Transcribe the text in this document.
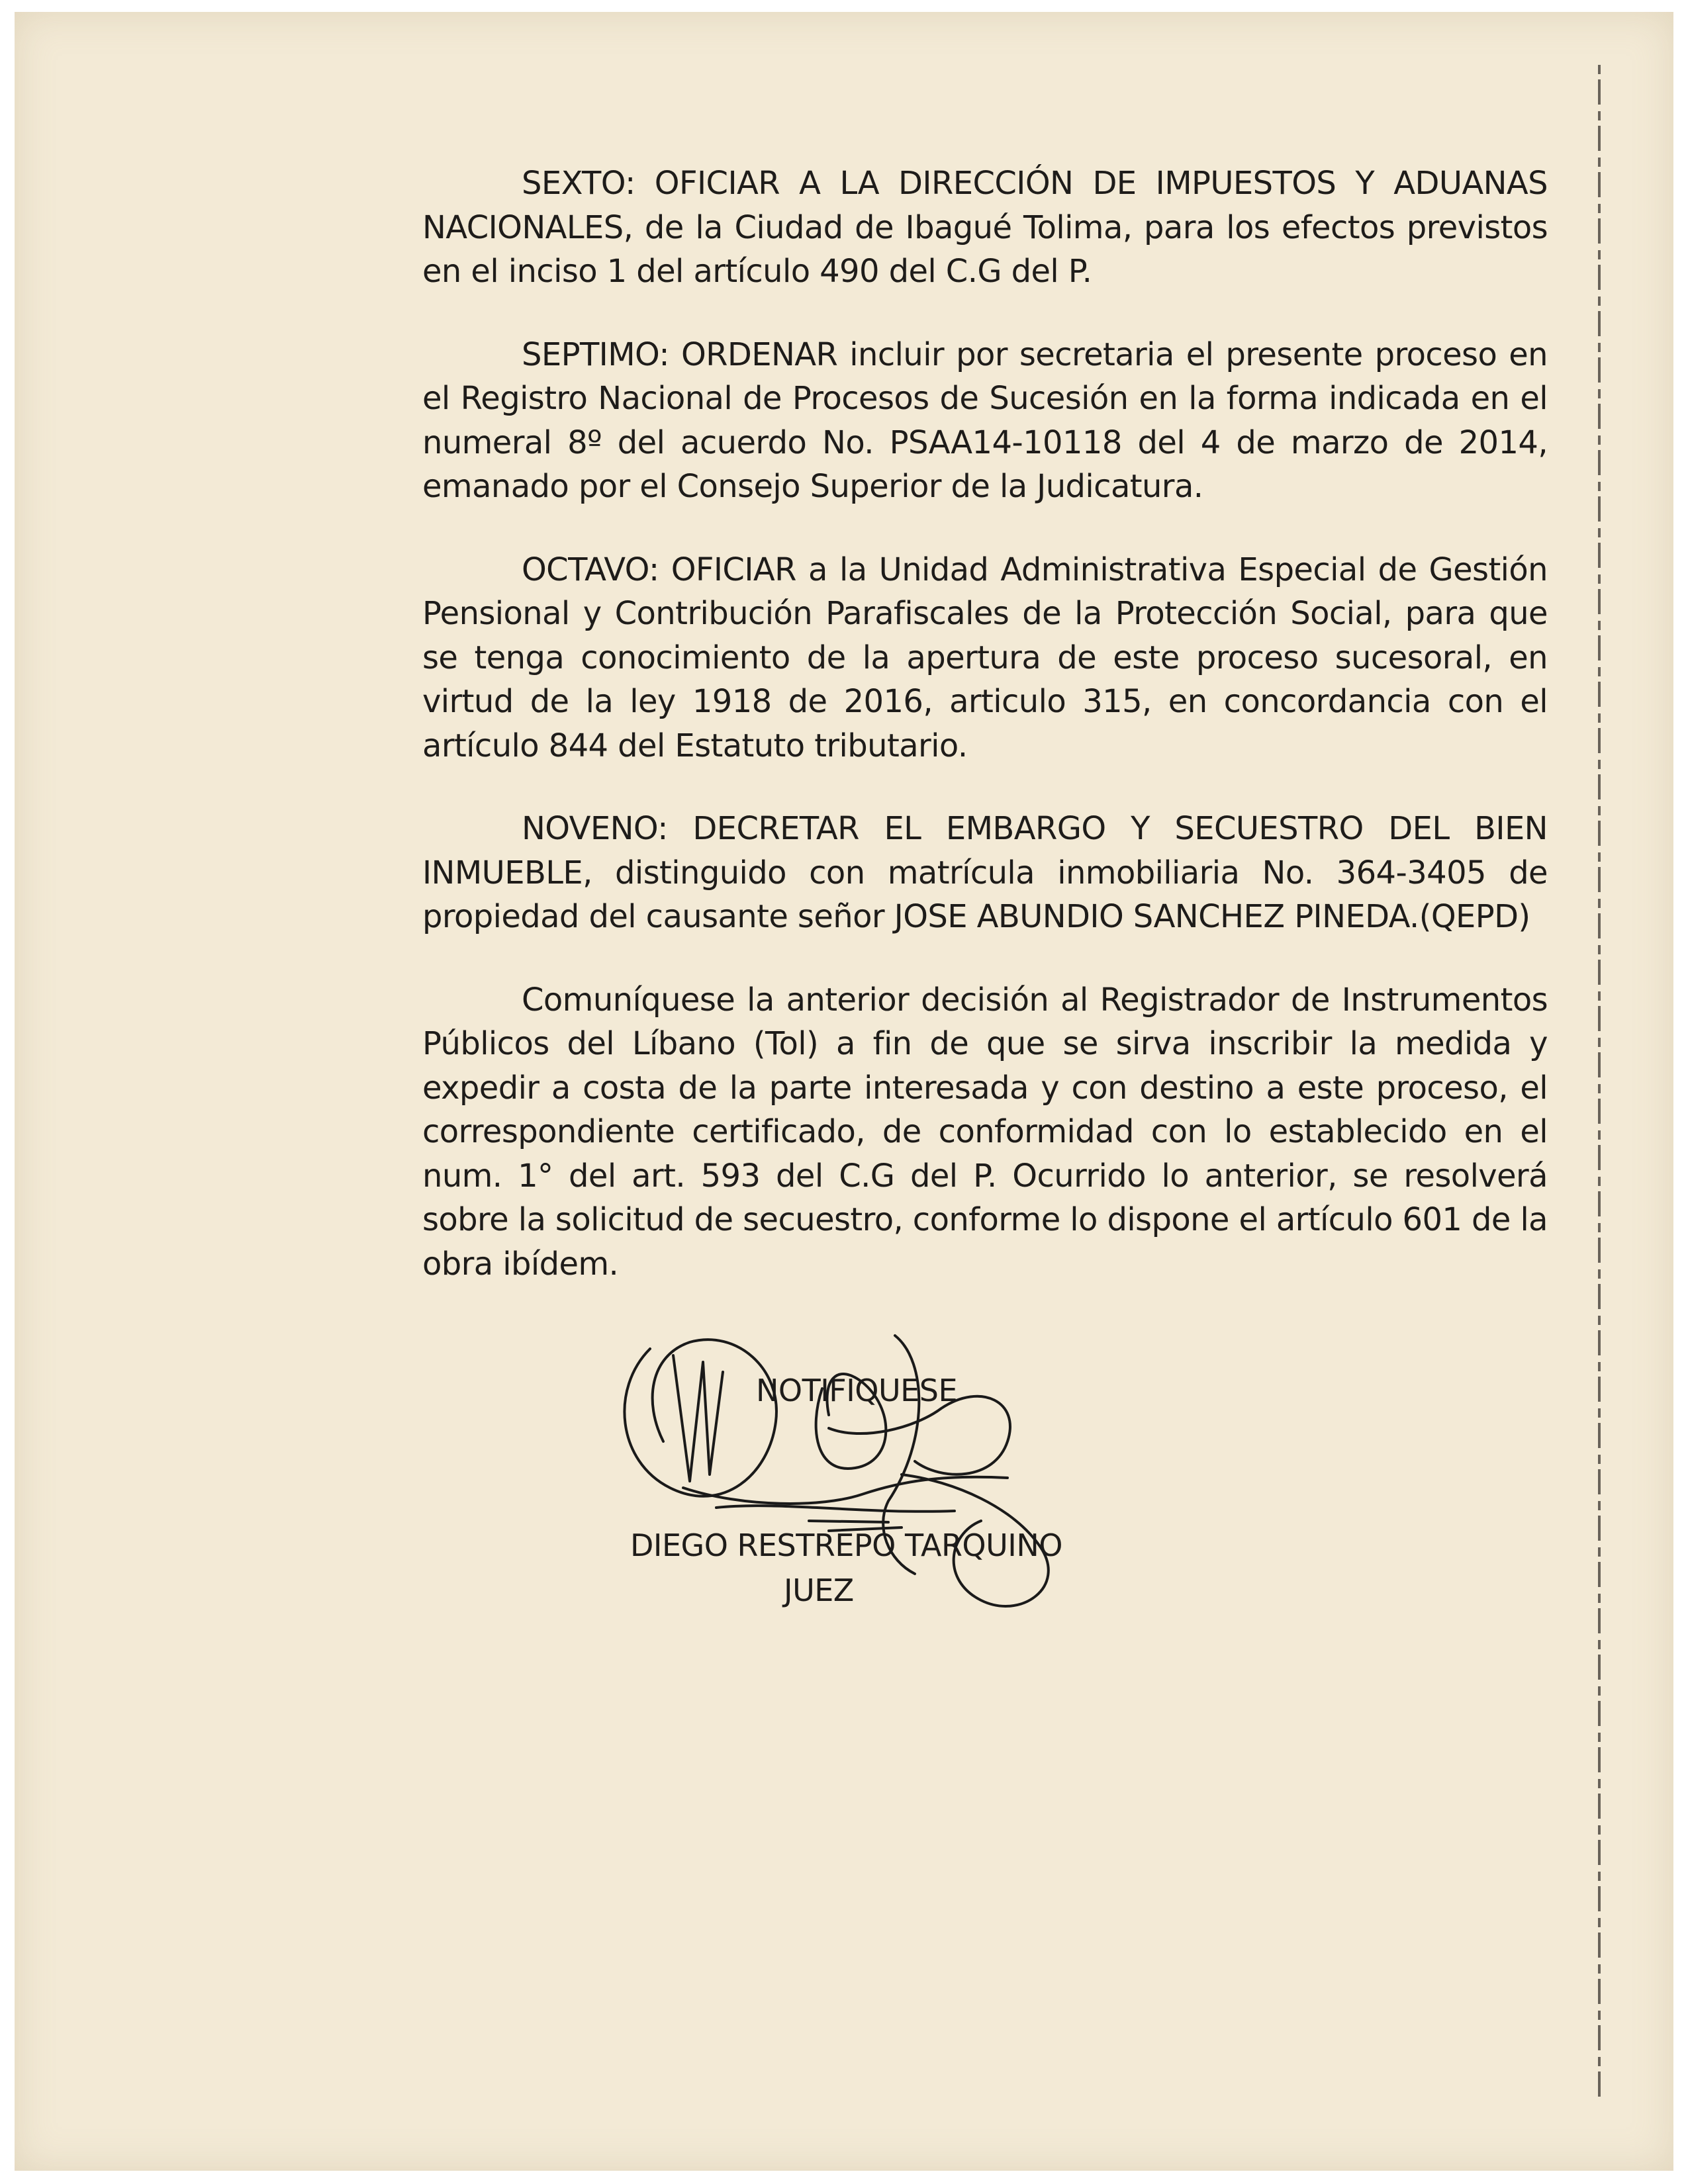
SEXTO: OFICIAR A LA DIRECCIÓN DE IMPUESTOS Y ADUANAS NACIONALES, de la Ciudad de Ibagué Tolima, para los efectos previstos en el inciso 1 del artículo 490 del C.G del P.

SEPTIMO: ORDENAR incluir por secretaria el presente proceso en el Registro Nacional de Procesos de Sucesión en la forma indicada en el numeral 8º del acuerdo No. PSAA14-10118 del 4 de marzo de 2014, emanado por el Consejo Superior de la Judicatura.

OCTAVO: OFICIAR a la Unidad Administrativa Especial de Gestión Pensional y Contribución Parafiscales de la Protección Social, para que se tenga conocimiento de la apertura de este proceso sucesoral, en virtud de la ley 1918 de 2016, articulo 315, en concordancia con el artículo 844 del Estatuto tributario.

NOVENO: DECRETAR EL EMBARGO Y SECUESTRO DEL BIEN INMUEBLE, distinguido con matrícula inmobiliaria No. 364-3405 de propiedad del causante señor JOSE ABUNDIO SANCHEZ PINEDA.(QEPD)

Comuníquese la anterior decisión al Registrador de Instrumentos Públicos del Líbano (Tol) a fin de que se sirva inscribir la medida y expedir a costa de la parte interesada y con destino a este proceso, el correspondiente certificado, de conformidad con lo establecido en el num. 1° del art. 593 del C.G del P. Ocurrido lo anterior, se resolverá sobre la solicitud de secuestro, conforme lo dispone el artículo 601 de la obra ibídem.

NOTIFIQUESE
DIEGO RESTREPO TARQUINO
JUEZ
